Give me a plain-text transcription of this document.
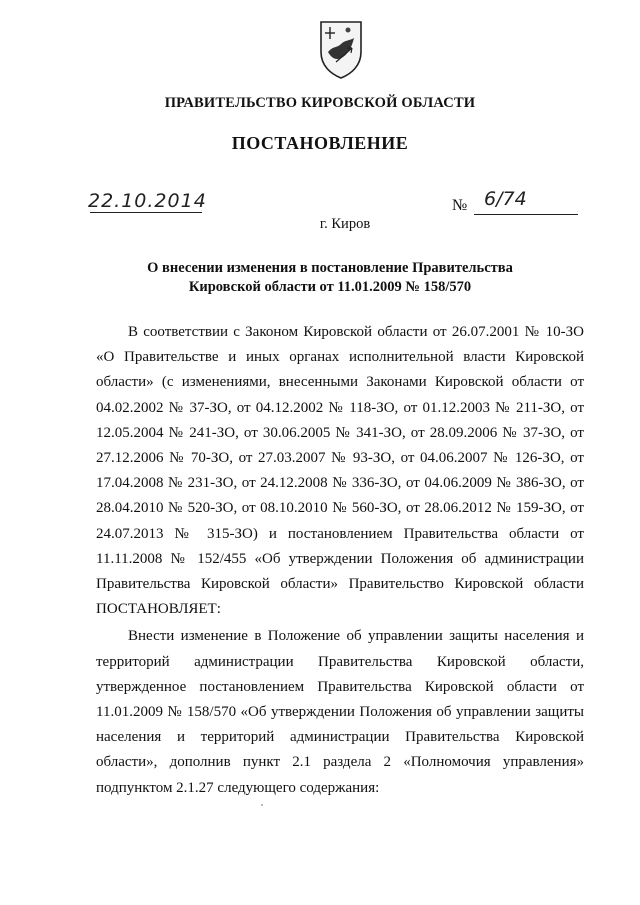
ПРАВИТЕЛЬСТВО КИРОВСКОЙ ОБЛАСТИ
ПОСТАНОВЛЕНИЕ
22.10.2014	№ 6/74
г. Киров
О внесении изменения в постановление Правительства
Кировской области от 11.01.2009 № 158/570

В соответствии с Законом Кировской области от 26.07.2001 № 10-ЗО «О Правительстве и иных органах исполнительной власти Кировской области» (с изменениями, внесенными Законами Кировской области от 04.02.2002 № 37-ЗО, от 04.12.2002 № 118-ЗО, от 01.12.2003 № 211-ЗО, от 12.05.2004 № 241-ЗО, от 30.06.2005 № 341-ЗО, от 28.09.2006 № 37-ЗО, от 27.12.2006 № 70-ЗО, от 27.03.2007 № 93-ЗО, от 04.06.2007 № 126-ЗО, от 17.04.2008 № 231-ЗО, от 24.12.2008 № 336-ЗО, от 04.06.2009 № 386-ЗО, от 28.04.2010 № 520-ЗО, от 08.10.2010 № 560-ЗО, от 28.06.2012 № 159-ЗО, от 24.07.2013 № 315-ЗО) и постановлением Правительства области от 11.11.2008 № 152/455 «Об утверждении Положения об администрации Правительства Кировской области» Правительство Кировской области ПОСТАНОВЛЯЕТ:

Внести изменение в Положение об управлении защиты населения и территорий администрации Правительства Кировской области, утвержденное постановлением Правительства Кировской области от 11.01.2009 № 158/570 «Об утверждении Положения об управлении защиты населения и территорий администрации Правительства Кировской области», дополнив пункт 2.1 раздела 2 «Полномочия управления» подпунктом 2.1.27 следующего содержания:
